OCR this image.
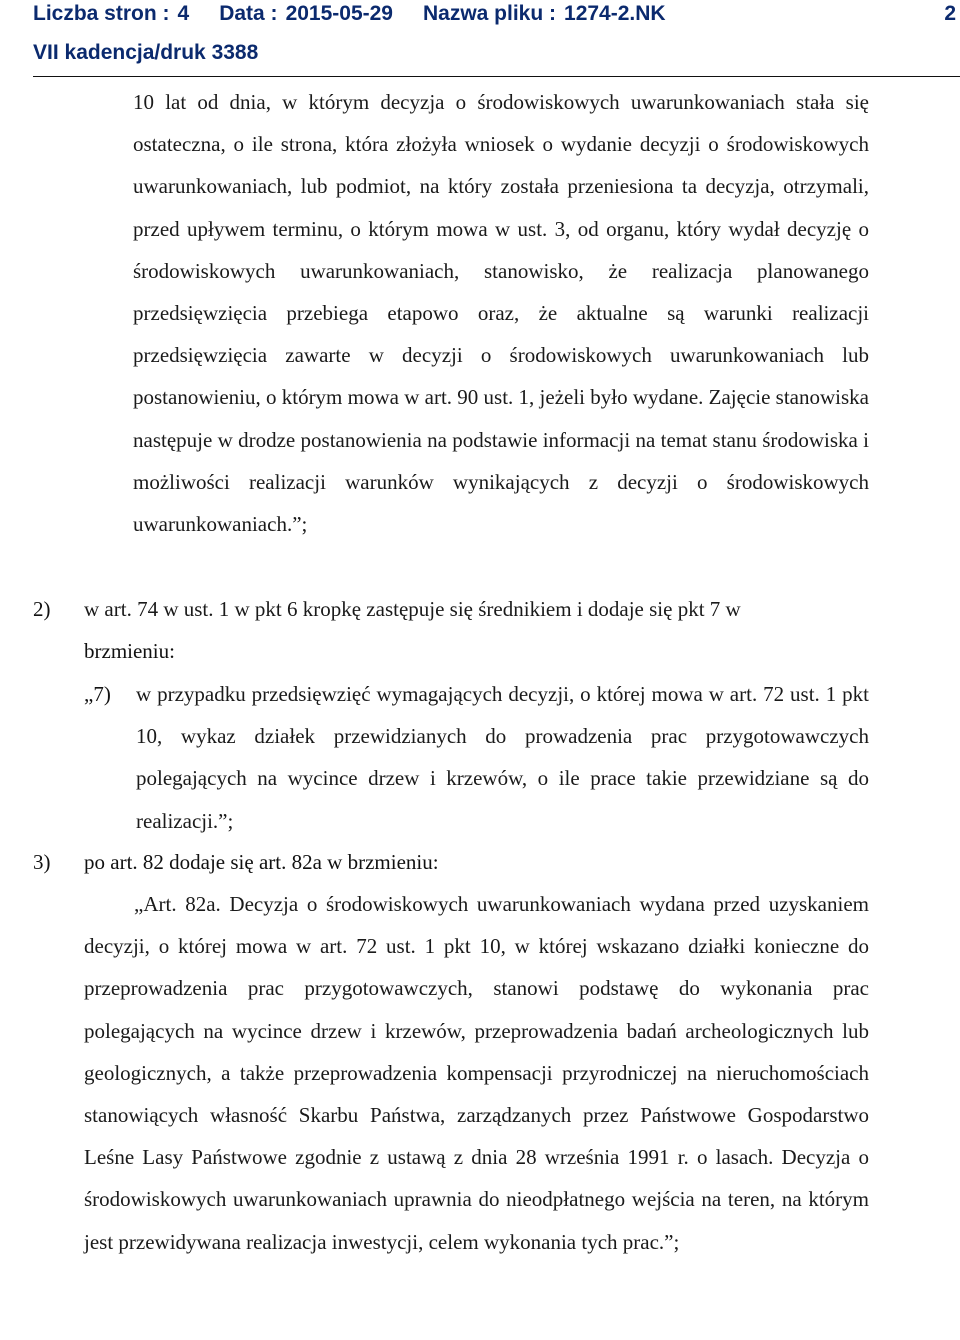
Liczba stron : 4 Data : 2015-05-29 Nazwa pliku : 1274-2.NK
VII kadencja/druk 3388
2
10 lat od dnia, w którym decyzja o środowiskowych uwarunkowaniach stała się ostateczna, o ile strona, która złożyła wniosek o wydanie decyzji o środowiskowych uwarunkowaniach, lub podmiot, na który została przeniesiona ta decyzja, otrzymali, przed upływem terminu, o którym mowa w ust. 3, od organu, który wydał decyzję o środowiskowych uwarunkowaniach, stanowisko, że realizacja planowanego przedsięwzięcia przebiega etapowo oraz, że aktualne są warunki realizacji przedsięwzięcia zawarte w decyzji o środowiskowych uwarunkowaniach lub postanowieniu, o którym mowa w art. 90 ust. 1, jeżeli było wydane. Zajęcie stanowiska następuje w drodze postanowienia na podstawie informacji na temat stanu środowiska i możliwości realizacji warunków wynikających z decyzji o środowiskowych uwarunkowaniach.”;
2) w art. 74 w ust. 1 w pkt 6 kropkę zastępuje się średnikiem i dodaje się pkt 7 w
brzmieniu:
„7) w przypadku przedsięwzięć wymagających decyzji, o której mowa w art. 72 ust. 1 pkt 10, wykaz działek przewidzianych do prowadzenia prac przygotowawczych polegających na wycince drzew i krzewów, o ile prace takie przewidziane są do realizacji.”;
3) po art. 82 dodaje się art. 82a w brzmieniu:
„Art. 82a. Decyzja o środowiskowych uwarunkowaniach wydana przed uzyskaniem decyzji, o której mowa w art. 72 ust. 1 pkt 10, w której wskazano działki konieczne do przeprowadzenia prac przygotowawczych, stanowi podstawę do wykonania prac polegających na wycince drzew i krzewów, przeprowadzenia badań archeologicznych lub geologicznych, a także przeprowadzenia kompensacji przyrodniczej na nieruchomościach stanowiących własność Skarbu Państwa, zarządzanych przez Państwowe Gospodarstwo Leśne Lasy Państwowe zgodnie z ustawą z dnia 28 września 1991 r. o lasach. Decyzja o środowiskowych uwarunkowaniach uprawnia do nieodpłatnego wejścia na teren, na którym jest przewidywana realizacja inwestycji, celem wykonania tych prac.”;
